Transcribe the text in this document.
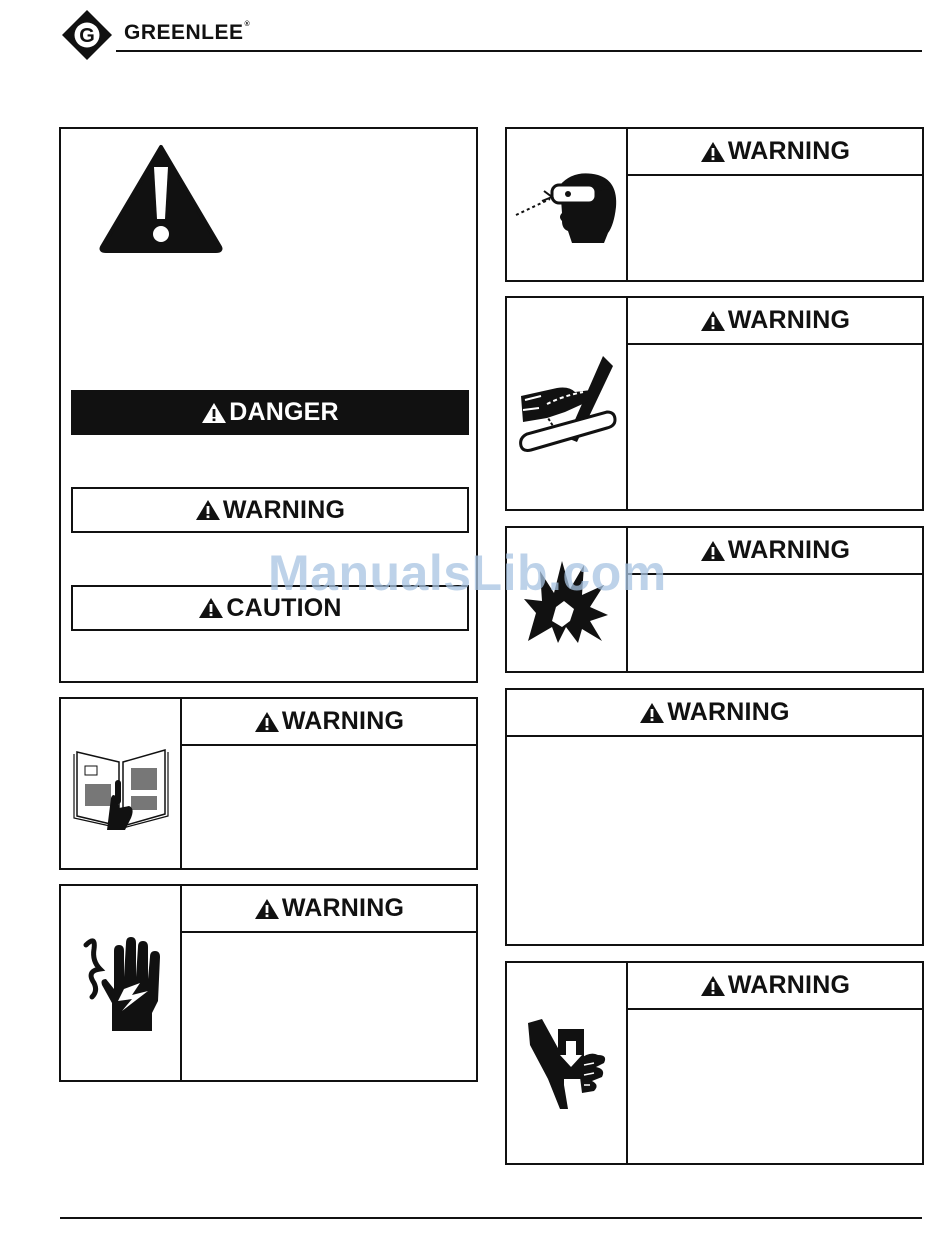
G GREENLEE®
DANGER
WARNING
CAUTION
WARNING
WARNING
WARNING
WARNING
WARNING
WARNING
WARNING
ManualsLib.com
